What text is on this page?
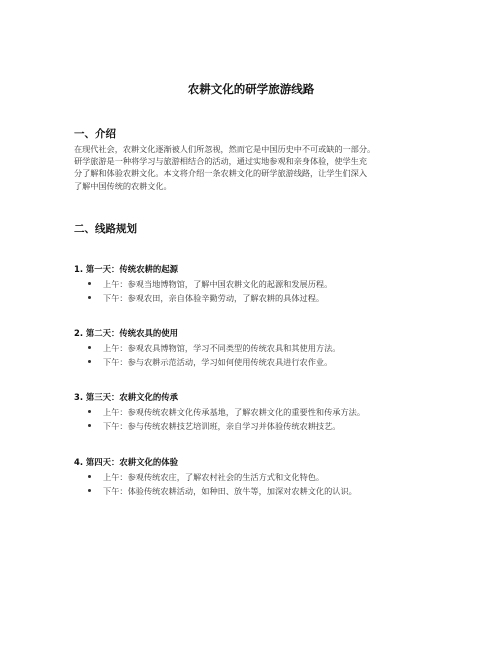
农耕文化的研学旅游线路
一、介绍
在现代社会，农耕文化逐渐被人们所忽视，然而它是中国历史中不可或缺的一部分。
研学旅游是一种将学习与旅游相结合的活动，通过实地参观和亲身体验，使学生充
分了解和体验农耕文化。本文将介绍一条农耕文化的研学旅游线路，让学生们深入
了解中国传统的农耕文化。
二、线路规划
1. 第一天：传统农耕的起源
上午：参观当地博物馆，了解中国农耕文化的起源和发展历程。
下午：参观农田，亲自体验辛勤劳动，了解农耕的具体过程。
2. 第二天：传统农具的使用
上午：参观农具博物馆，学习不同类型的传统农具和其使用方法。
下午：参与农耕示范活动，学习如何使用传统农具进行农作业。
3. 第三天：农耕文化的传承
上午：参观传统农耕文化传承基地，了解农耕文化的重要性和传承方法。
下午：参与传统农耕技艺培训班，亲自学习并体验传统农耕技艺。
4. 第四天：农耕文化的体验
上午：参观传统农庄，了解农村社会的生活方式和文化特色。
下午：体验传统农耕活动，如种田、放牛等，加深对农耕文化的认识。
